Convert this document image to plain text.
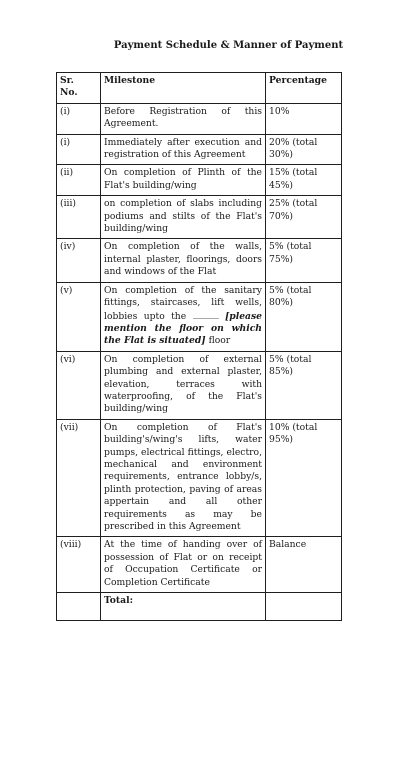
Payment Schedule & Manner of Payment
Sr.
No.	Milestone	Percentage
(i)	Before Registration of this Agreement.	10%

(i)	Immediately after execution and registration of this Agreement	20% (total 30%)
(ii)	On completion of Plinth of the Flat's building/wing	15% (total 45%)
(iii)	on completion of slabs including podiums and stilts of the Flat's building/wing	25% (total 70%)
(iv)	On completion of the walls, internal plaster, floorings, doors and windows of the Flat	5% (total 75%)
(v)	On completion of the sanitary fittings, staircases, lift wells, lobbies upto the [please mention the floor on which the Flat is situated] floor	5% (total 80%)
(vi)	On completion of external plumbing and external plaster, elevation, terraces with waterproofing, of the Flat's building/wing	5% (total 85%)
(vii)	On completion of Flat's building's/wing's lifts, water pumps, electrical fittings, electro, mechanical and environment requirements, entrance lobby/s, plinth protection, paving of areas appertain and all other requirements as may be prescribed in this Agreement	10% (total 95%)
(viii)	At the time of handing over of possession of Flat or on receipt of Occupation Certificate or Completion Certificate	Balance
	Total:	
